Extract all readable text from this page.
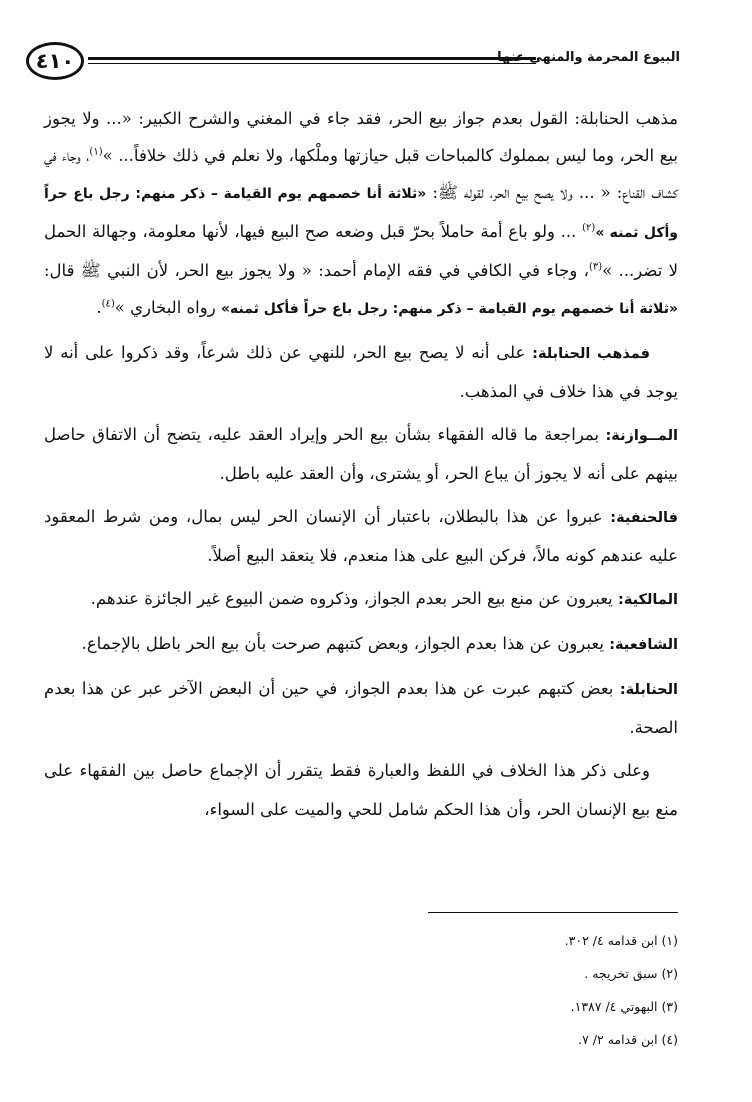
٤١٠	البيوع المحرمة والمنهي عنها

مذهب الحنابلة: القول بعدم جواز بيع الحر، فقد جاء في المغني والشرح الكبير: «... ولا يجوز بيع الحر، وما ليس بمملوك كالمباحات قبل حيازتها وملْكها، ولا نعلم في ذلك خلافاً... »$^{(١)}$، وجاء في كشاف القناع: « ... ولا يصح بيع الحر، لقوله ﷺ: «ثلاثة أنا خصمهم يوم القيامة – ذكر منهم: رجل باع حراً وأكل ثمنه »$^{(٢)}$ ... ولو باع أمة حاملاً بحرّ قبل وضعه صح البيع فيها، لأنها معلومة، وجهالة الحمل لا تضر... »$^{(٣)}$، وجاء في الكافي في فقه الإمام أحمد: « ولا يجوز بيع الحر، لأن النبي ﷺ قال: «ثلاثة أنا خصمهم يوم القيامة – ذكر منهم: رجل باع حراً فأكل ثمنه» رواه البخاري »$^{(٤)}$.

فمذهب الحنابلة: على أنه لا يصح بيع الحر، للنهي عن ذلك شرعاً، وقد ذكروا على أنه لا يوجد في هذا خلاف في المذهب.

المــوازنة: بمراجعة ما قاله الفقهاء بشأن بيع الحر وإيراد العقد عليه، يتضح أن الاتفاق حاصل بينهم على أنه لا يجوز أن يباع الحر، أو يشترى، وأن العقد عليه باطل.

فالحنفية: عبروا عن هذا بالبطلان، باعتبار أن الإنسان الحر ليس بمال، ومن شرط المعقود عليه عندهم كونه مالاً، فركن البيع على هذا منعدم، فلا ينعقد البيع أصلاً.

المالكية: يعبرون عن منع بيع الحر بعدم الجواز، وذكروه ضمن البيوع غير الجائزة عندهم.

الشافعية: يعبرون عن هذا بعدم الجواز، وبعض كتبهم صرحت بأن بيع الحر باطل بالإجماع.

الحنابلة: بعض كتبهم عبرت عن هذا بعدم الجواز، في حين أن البعض الآخر عبر عن هذا بعدم الصحة.

وعلى ذكر هذا الخلاف في اللفظ والعبارة فقط يتقرر أن الإجماع حاصل بين الفقهاء على منع بيع الإنسان الحر، وأن هذا الحكم شامل للحي والميت على السواء،

(١) ابن قدامه ٤/ ٣٠٢.
(٢) سبق تخريجه .
(٣) البهوتي ٤/ ١٣٨٧.
(٤) ابن قدامه ٢/ ٧.
